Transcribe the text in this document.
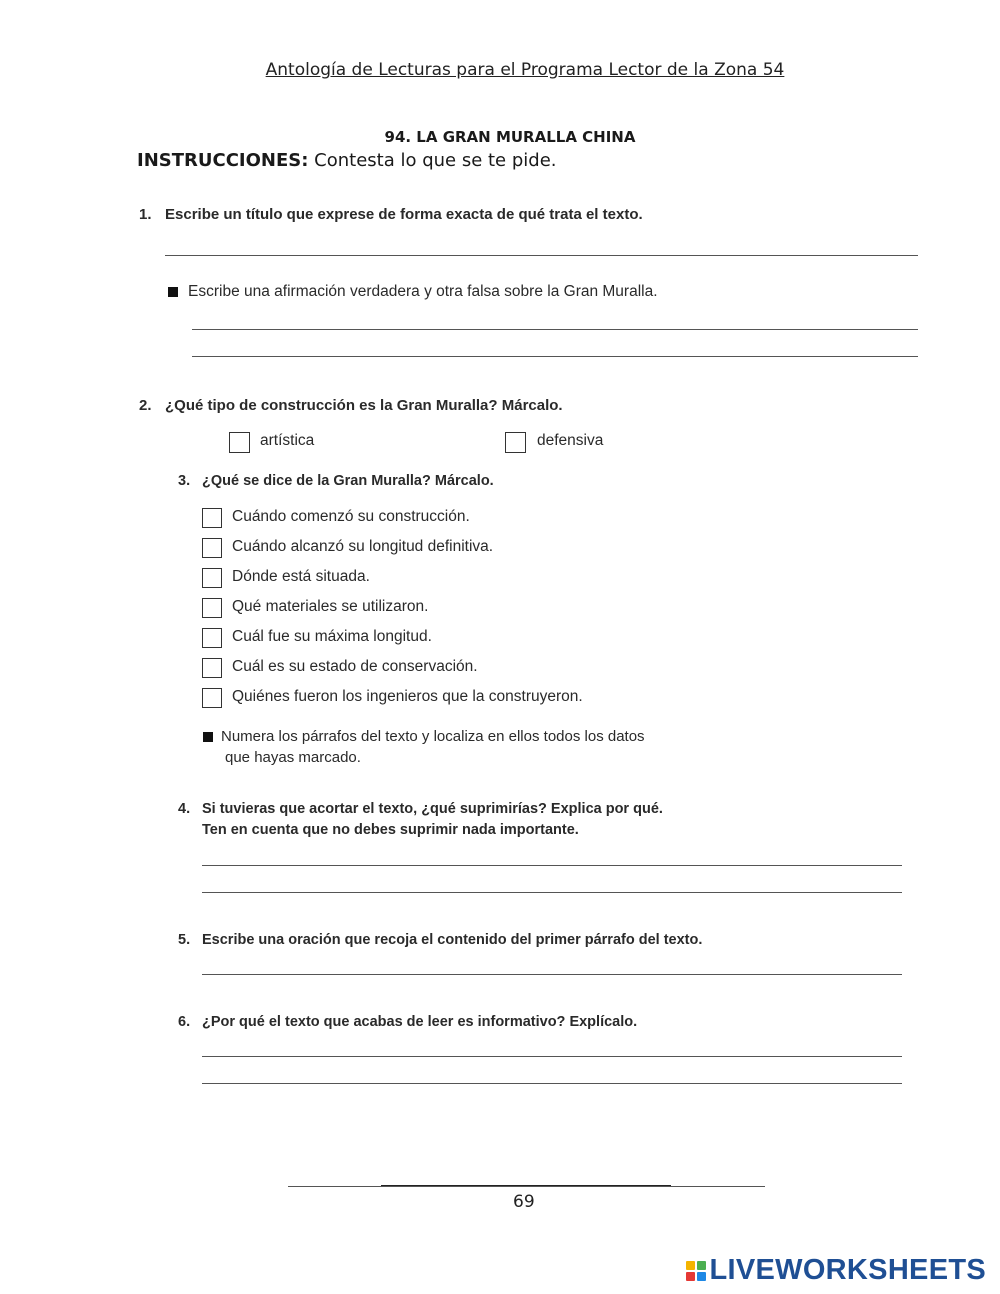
Antología de Lecturas para el Programa Lector de la Zona 54
94. LA GRAN MURALLA CHINA
INSTRUCCIONES: Contesta lo que se te pide.
1. Escribe un título que exprese de forma exacta de qué trata el texto.
Escribe una afirmación verdadera y otra falsa sobre la Gran Muralla.
2. ¿Qué tipo de construcción es la Gran Muralla? Márcalo.
artística	defensiva
3. ¿Qué se dice de la Gran Muralla? Márcalo.
Cuándo comenzó su construcción.
Cuándo alcanzó su longitud definitiva.
Dónde está situada.
Qué materiales se utilizaron.
Cuál fue su máxima longitud.
Cuál es su estado de conservación.
Quiénes fueron los ingenieros que la construyeron.
Numera los párrafos del texto y localiza en ellos todos los datos
que hayas marcado.
4. Si tuvieras que acortar el texto, ¿qué suprimirías? Explica por qué.
Ten en cuenta que no debes suprimir nada importante.
5. Escribe una oración que recoja el contenido del primer párrafo del texto.
6. ¿Por qué el texto que acabas de leer es informativo? Explícalo.
69
LIVEWORKSHEETS
